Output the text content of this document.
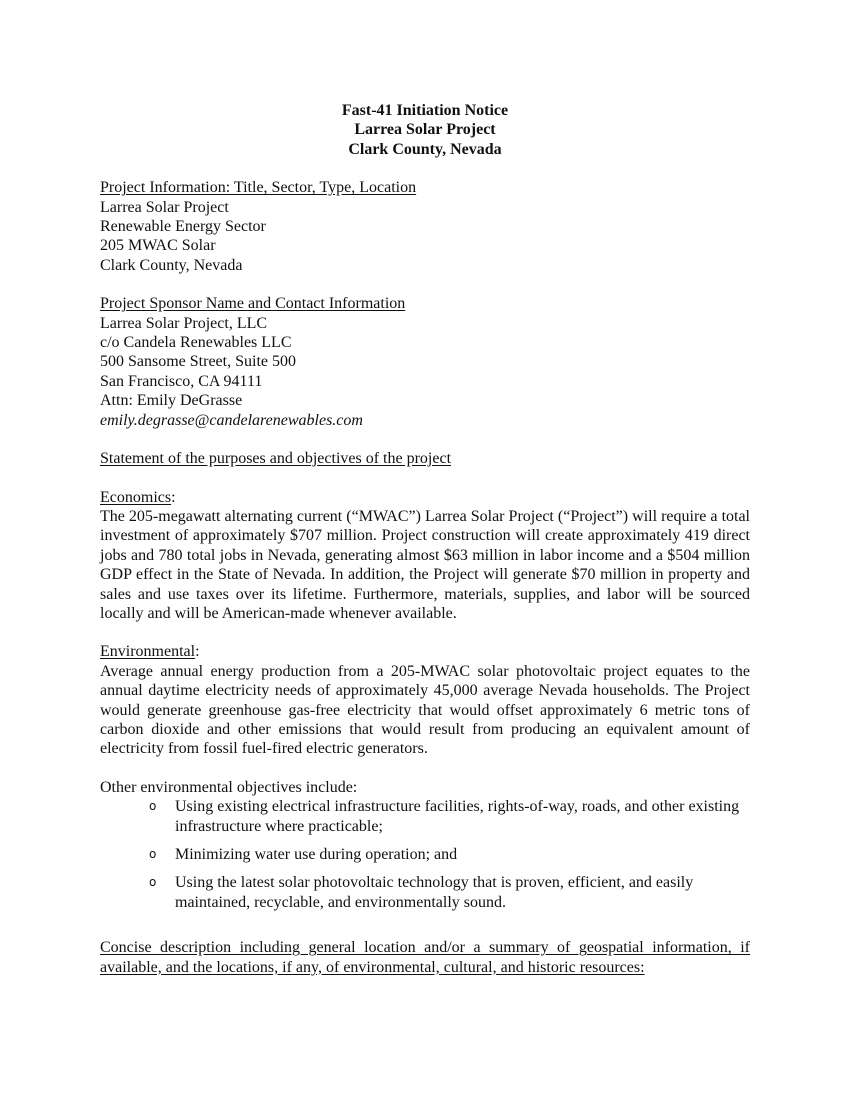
Fast-41 Initiation Notice
Larrea Solar Project
Clark County, Nevada
Project Information: Title, Sector, Type, Location
Larrea Solar Project
Renewable Energy Sector
205 MWAC Solar
Clark County, Nevada
Project Sponsor Name and Contact Information
Larrea Solar Project, LLC
c/o Candela Renewables LLC
500 Sansome Street, Suite 500
San Francisco, CA 94111
Attn: Emily DeGrasse
emily.degrasse@candelarenewables.com
Statement of the purposes and objectives of the project
Economics:

The 205-megawatt alternating current (“MWAC”) Larrea Solar Project (“Project”) will require a total investment of approximately $707 million. Project construction will create approximately 419 direct jobs and 780 total jobs in Nevada, generating almost $63 million in labor income and a $504 million GDP effect in the State of Nevada. In addition, the Project will generate $70 million in property and sales and use taxes over its lifetime. Furthermore, materials, supplies, and labor will be sourced locally and will be American-made whenever available.

Environmental:

Average annual energy production from a 205-MWAC solar photovoltaic project equates to the annual daytime electricity needs of approximately 45,000 average Nevada households. The Project would generate greenhouse gas-free electricity that would offset approximately 6 metric tons of carbon dioxide and other emissions that would result from producing an equivalent amount of electricity from fossil fuel-fired electric generators.

Other environmental objectives include:
o Using existing electrical infrastructure facilities, rights-of-way, roads, and other existing infrastructure where practicable;
o Minimizing water use during operation; and
o Using the latest solar photovoltaic technology that is proven, efficient, and easily maintained, recyclable, and environmentally sound.
Concise description including general location and/or a summary of geospatial information, if available, and the locations, if any, of environmental, cultural, and historic resources:
